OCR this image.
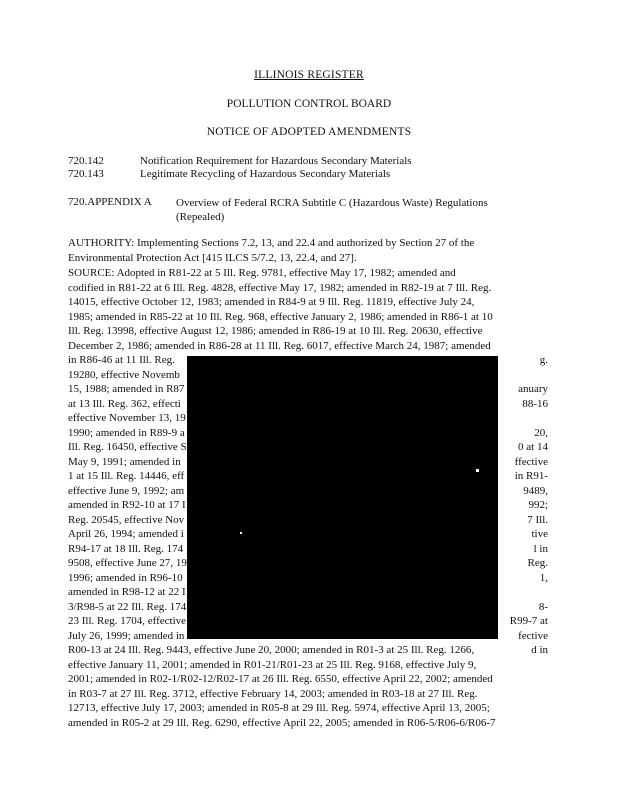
ILLINOIS REGISTER
POLLUTION CONTROL BOARD
NOTICE OF ADOPTED AMENDMENTS
720.142	Notification Requirement for Hazardous Secondary Materials
720.143	Legitimate Recycling of Hazardous Secondary Materials
720.APPENDIX A Overview of Federal RCRA Subtitle C (Hazardous Waste) Regulations
(Repealed)
AUTHORITY: Implementing Sections 7.2, 13, and 22.4 and authorized by Section 27 of the
Environmental Protection Act [415 ILCS 5/7.2, 13, 22.4, and 27].
SOURCE: Adopted in R81-22 at 5 Ill. Reg. 9781, effective May 17, 1982; amended and
codified in R81-22 at 6 Ill. Reg. 4828, effective May 17, 1982; amended in R82-19 at 7 Ill. Reg.
14015, effective October 12, 1983; amended in R84-9 at 9 Ill. Reg. 11819, effective July 24,
1985; amended in R85-22 at 10 Ill. Reg. 968, effective January 2, 1986; amended in R86-1 at 10
Ill. Reg. 13998, effective August 12, 1986; amended in R86-19 at 10 Ill. Reg. 20630, effective
December 2, 1986; amended in R86-28 at 11 Ill. Reg. 6017, effective March 24, 1987; amended
in R86-46 at 11 Ill. Reg.
19280, effective Novemb
15, 1988; amended in R87
at 13 Ill. Reg. 362, effecti
effective November 13, 19
1990; amended in R89-9 a
Ill. Reg. 16450, effective S
May 9, 1991; amended in
1 at 15 Ill. Reg. 14446, eff
effective June 9, 1992; am
amended in R92-10 at 17 I
Reg. 20545, effective Nov
April 26, 1994; amended i
R94-17 at 18 Ill. Reg. 174
9508, effective June 27, 19
1996; amended in R96-10
amended in R98-12 at 22 I
3/R98-5 at 22 Ill. Reg. 174
23 Ill. Reg. 1704, effective
July 26, 1999; amended in
R00-13 at 24 Ill. Reg. 9443, effective June 20, 2000; amended in R01-3 at 25 Ill. Reg. 1266,
effective January 11, 2001; amended in R01-21/R01-23 at 25 Ill. Reg. 9168, effective July 9,
2001; amended in R02-1/R02-12/R02-17 at 26 Ill. Reg. 6550, effective April 22, 2002; amended
in R03-7 at 27 Ill. Reg. 3712, effective February 14, 2003; amended in R03-18 at 27 Ill. Reg.
12713, effective July 17, 2003; amended in R05-8 at 29 Ill. Reg. 5974, effective April 13, 2005;
amended in R05-2 at 29 Ill. Reg. 6290, effective April 22, 2005; amended in R06-5/R06-6/R06-7
g.
anuary
88-16
20,
0 at 14
ffective
in R91-
9489,
992;
7 Ill.
tive
l in
Reg.
1,
8-
R99-7 at
fective
d in
